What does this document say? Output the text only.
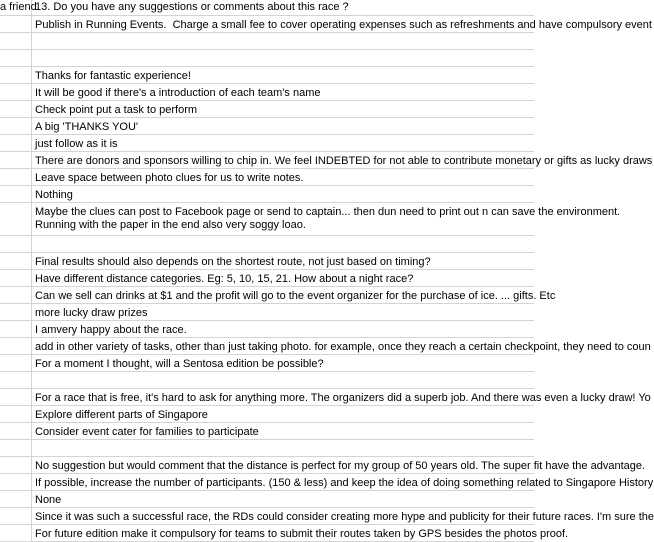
a friend
13. Do you have any suggestions or comments about this race ?
Publish in Running Events.  Charge a small fee to cover operating expenses such as refreshments and have compulsory event
Thanks for fantastic experience!
It will be good if there's a introduction of each team's name
Check point put a task to perform
A big 'THANKS YOU'
just follow as it is
There are donors and sponsors willing to chip in. We feel INDEBTED for not able to contribute monetary or gifts as lucky draws
Leave space between photo clues for us to write notes.
Nothing
Maybe the clues can post to Facebook page or send to captain... then dun need to print out n can save the environment.
Running with the paper in the end also very soggy loao.
Final results should also depends on the shortest route, not just based on timing?
Have different distance categories. Eg: 5, 10, 15, 21. How about a night race?
Can we sell can drinks at $1 and the profit will go to the event organizer for the purchase of ice. ... gifts. Etc
more lucky draw prizes
I amvery happy about the race.
add in other variety of tasks, other than just taking photo. for example, once they reach a certain checkpoint, they need to coun
For a moment I thought, will a Sentosa edition be possible?
For a race that is free, it's hard to ask for anything more. The organizers did a superb job. And there was even a lucky draw! Yo
Explore different parts of Singapore
Consider event cater for families to participate
No suggestion but would comment that the distance is perfect for my group of 50 years old. The super fit have the advantage.
If possible, increase the number of participants. (150 & less) and keep the idea of doing something related to Singapore History
None
Since it was such a successful race, the RDs could consider creating more hype and publicity for their future races. I'm sure the
For future edition make it compulsory for teams to submit their routes taken by GPS besides the photos proof.
